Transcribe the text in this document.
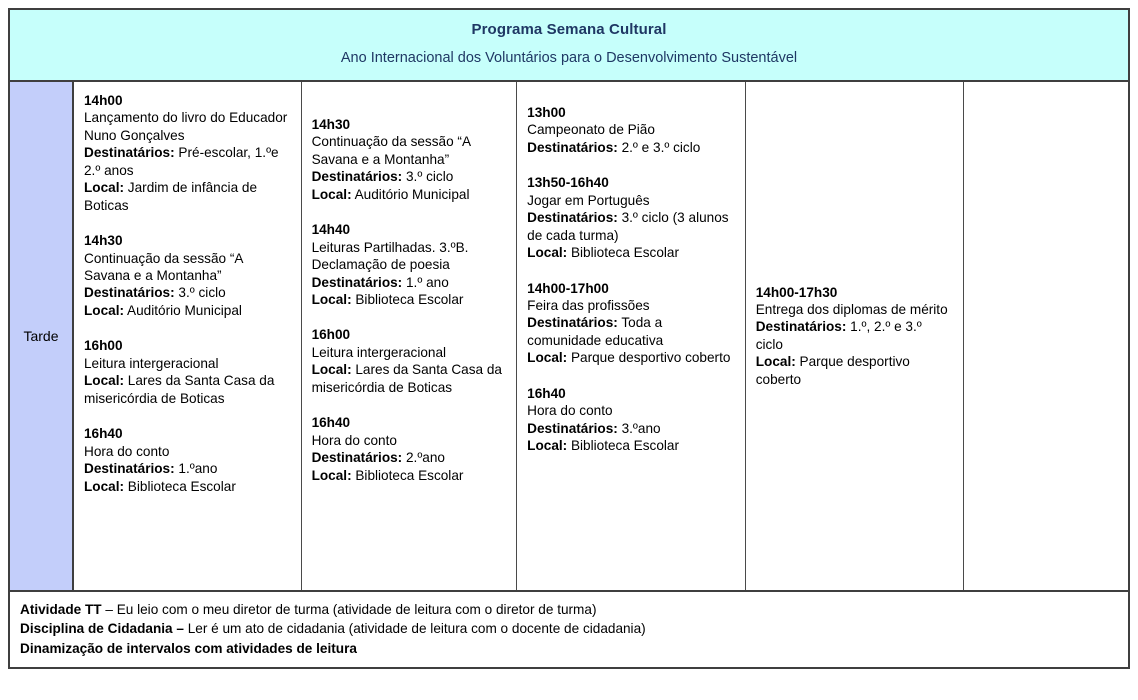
Programa Semana Cultural
Ano Internacional dos Voluntários para o Desenvolvimento Sustentável
Tarde
14h00
Lançamento do livro do Educador Nuno Gonçalves
Destinatários: Pré-escolar, 1.ºe 2.º anos
Local: Jardim de infância de Boticas
14h30
Continuação da sessão “A Savana e a Montanha”
Destinatários: 3.º ciclo
Local: Auditório Municipal
16h00
Leitura intergeracional
Local: Lares da Santa Casa da misericórdia de Boticas
16h40
Hora do conto
Destinatários: 1.ºano
Local: Biblioteca Escolar
14h30
Continuação da sessão “A Savana e a Montanha”
Destinatários: 3.º ciclo
Local: Auditório Municipal
14h40
Leituras Partilhadas. 3.ºB. Declamação de poesia
Destinatários: 1.º ano
Local: Biblioteca Escolar
16h00
Leitura intergeracional
Local: Lares da Santa Casa da misericórdia de Boticas
16h40
Hora do conto
Destinatários: 2.ºano
Local: Biblioteca Escolar
13h00
Campeonato de Pião
Destinatários: 2.º e 3.º ciclo
13h50-16h40
Jogar em Português
Destinatários: 3.º ciclo (3 alunos de cada turma)
Local: Biblioteca Escolar
14h00-17h00
Feira das profissões
Destinatários: Toda a comunidade educativa
Local: Parque desportivo coberto
16h40
Hora do conto
Destinatários: 3.ºano
Local: Biblioteca Escolar
14h00-17h30
Entrega dos diplomas de mérito
Destinatários: 1.º, 2.º e 3.º ciclo
Local: Parque desportivo coberto
Atividade TT – Eu leio com o meu diretor de turma (atividade de leitura com o diretor de turma)
Disciplina de Cidadania – Ler é um ato de cidadania (atividade de leitura com o docente de cidadania)
Dinamização de intervalos com atividades de leitura
